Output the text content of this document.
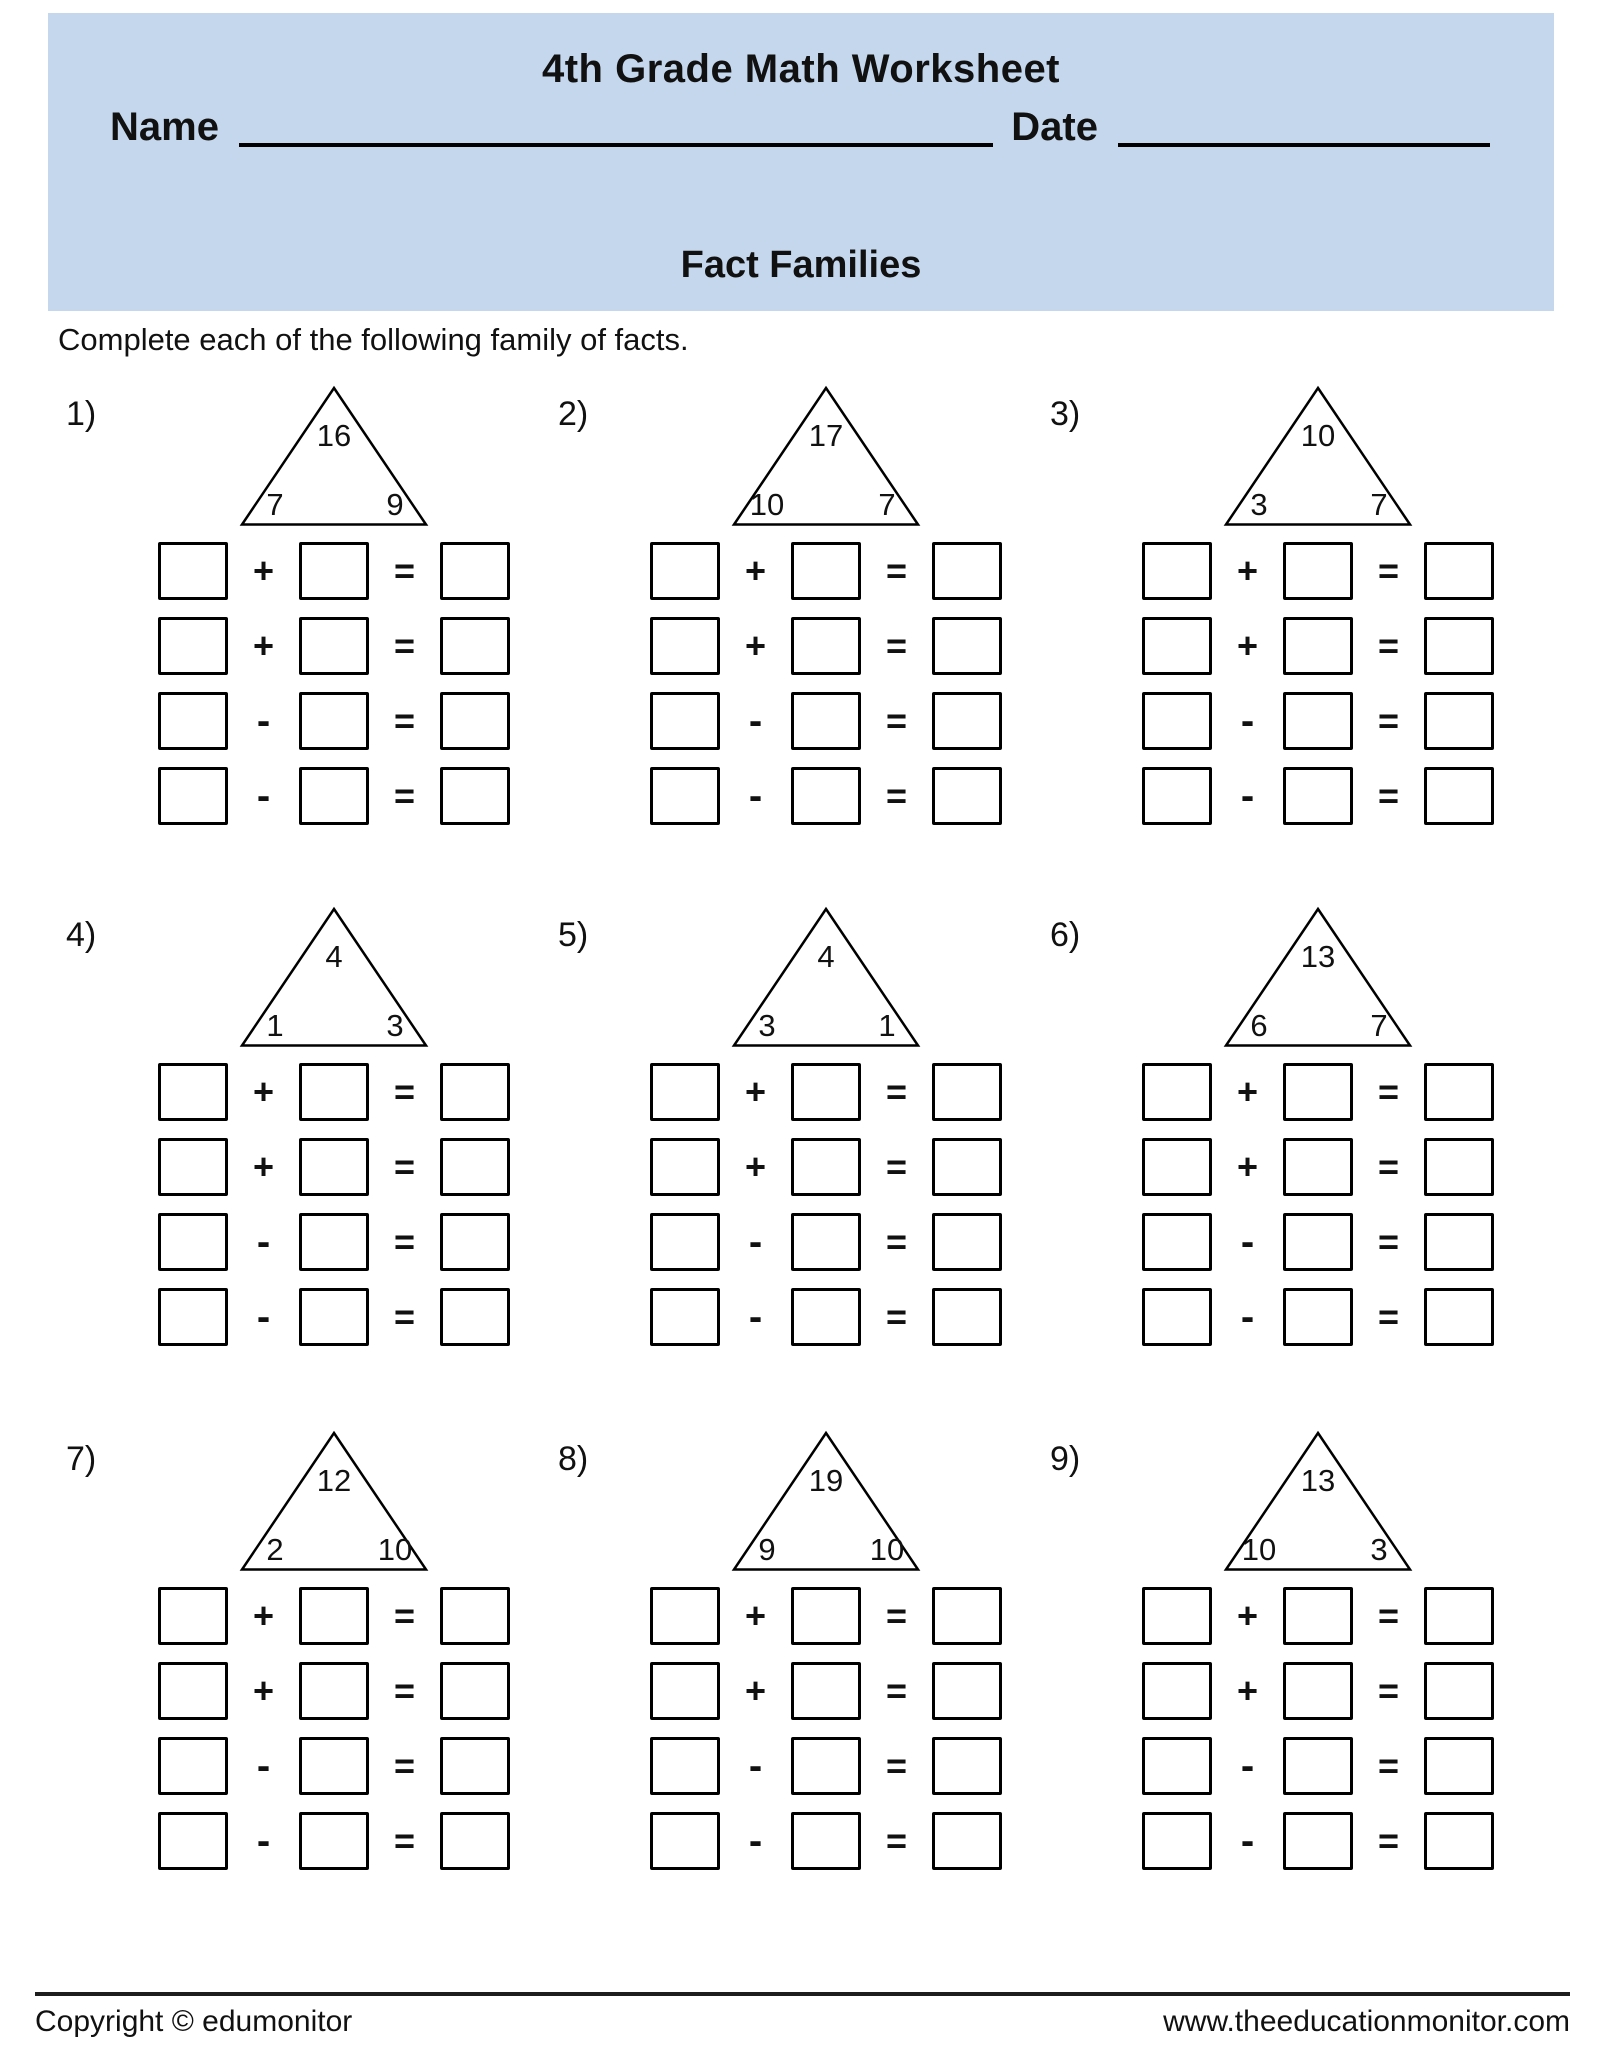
4th Grade Math Worksheet
Name	Date
Fact Families
Complete each of the following family of facts.
1)
16
7	9
+	=
+	=
-	=
-	=
2)
17
10	7
+	=
+	=
-	=
-	=
3)
10
3	7
+	=
+	=
-	=
-	=
4)
4
1	3
+	=
+	=
-	=
-	=
5)
4
3	1
+	=
+	=
-	=
-	=
6)
13
6	7
+	=
+	=
-	=
-	=
7)
12
2	10
+	=
+	=
-	=
-	=
8)
19
9	10
+	=
+	=
-	=
-	=
9)
13
10	3
+	=
+	=
-	=
-	=
Copyright © edumonitor	www.theeducationmonitor.com
